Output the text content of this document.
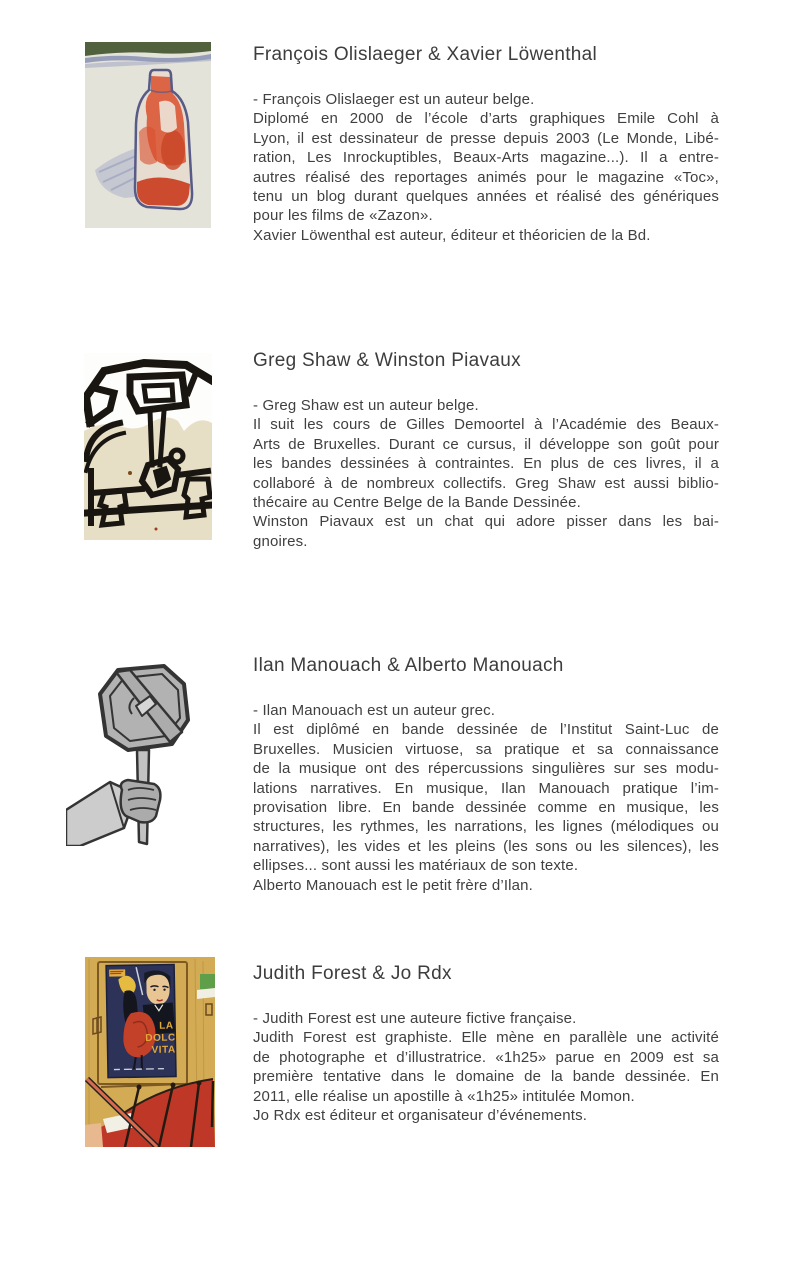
François Olislaeger & Xavier Löwenthal
- François Olislaeger est un auteur belge.
Diplomé en 2000 de l’école d’arts graphiques Emile Cohl à
Lyon, il est dessinateur de presse depuis 2003 (Le Monde, Libé-
ration, Les Inrockuptibles, Beaux-Arts magazine...). Il a entre-
autres réalisé des reportages animés pour le magazine «Toc»,
tenu un blog durant quelques années et réalisé des génériques
pour les films de «Zazon».
Xavier Löwenthal est auteur, éditeur et théoricien de la Bd.
Greg Shaw & Winston Piavaux
- Greg Shaw est un auteur belge.
Il suit les cours de Gilles Demoortel à l’Académie des Beaux-
Arts de Bruxelles. Durant ce cursus, il développe son goût pour
les bandes dessinées à contraintes. En plus de ces livres, il a
collaboré à de nombreux collectifs. Greg Shaw est aussi biblio-
thécaire au Centre Belge de la Bande Dessinée.
Winston Piavaux est un chat qui adore pisser dans les bai-
gnoires.
Ilan Manouach & Alberto Manouach
- Ilan Manouach est un auteur grec.
Il est diplômé en bande dessinée de l’Institut Saint-Luc de
Bruxelles. Musicien virtuose, sa pratique et sa connaissance
de la musique ont des répercussions singulières sur ses modu-
lations narratives. En musique, Ilan Manouach pratique l’im-
provisation libre. En bande dessinée comme en musique, les
structures, les rythmes, les narrations, les lignes (mélodiques ou
narratives), les vides et les pleins (les sons ou les silences), les
ellipses... sont aussi les matériaux de son texte.
Alberto Manouach est le petit frère d’Ilan.
LA
DOLCE
VITA
Judith Forest & Jo Rdx
- Judith Forest est une auteure fictive française.
Judith Forest est graphiste. Elle mène en parallèle une activité
de photographe et d’illustratrice. «1h25» parue en 2009 est sa
première tentative dans le domaine de la bande dessinée. En
2011, elle réalise un apostille à «1h25» intitulée Momon.
Jo Rdx est éditeur et organisateur d’événements.
